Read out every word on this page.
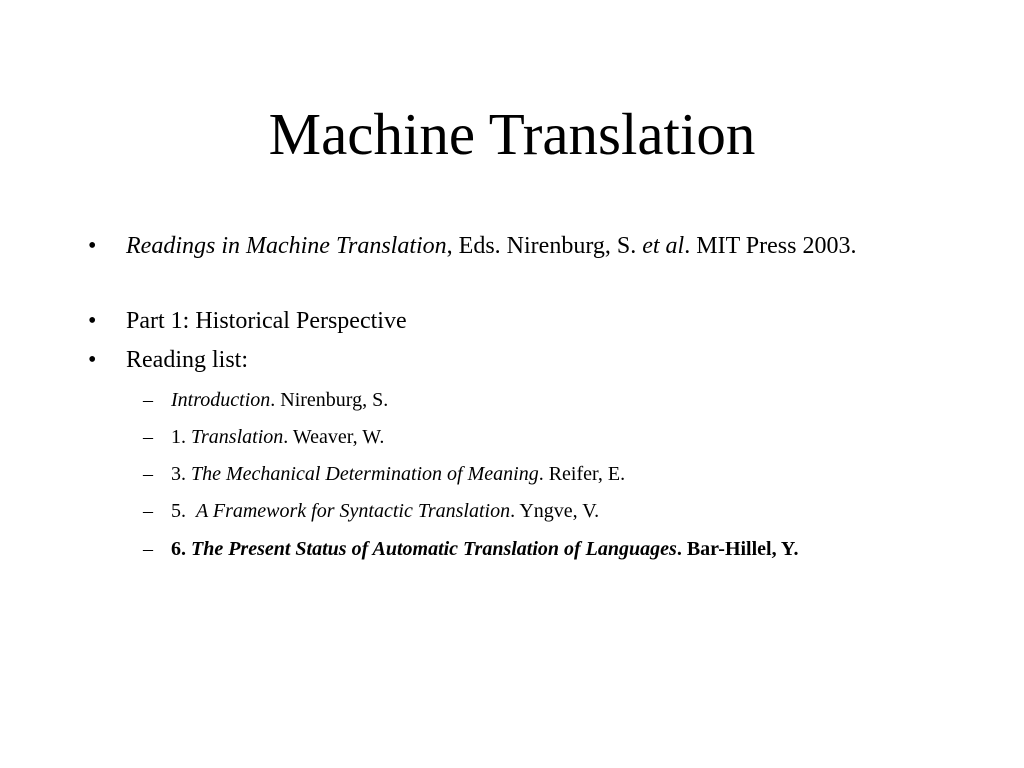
Machine Translation

• Readings in Machine Translation, Eds. Nirenburg, S. et al. MIT Press 2003.

• Part 1: Historical Perspective

• Reading list:

– Introduction. Nirenburg, S.

– 1. Translation. Weaver, W.

– 3. The Mechanical Determination of Meaning. Reifer, E.

– 5.  A Framework for Syntactic Translation. Yngve, V.

– 6. The Present Status of Automatic Translation of Languages. Bar-Hillel, Y.
